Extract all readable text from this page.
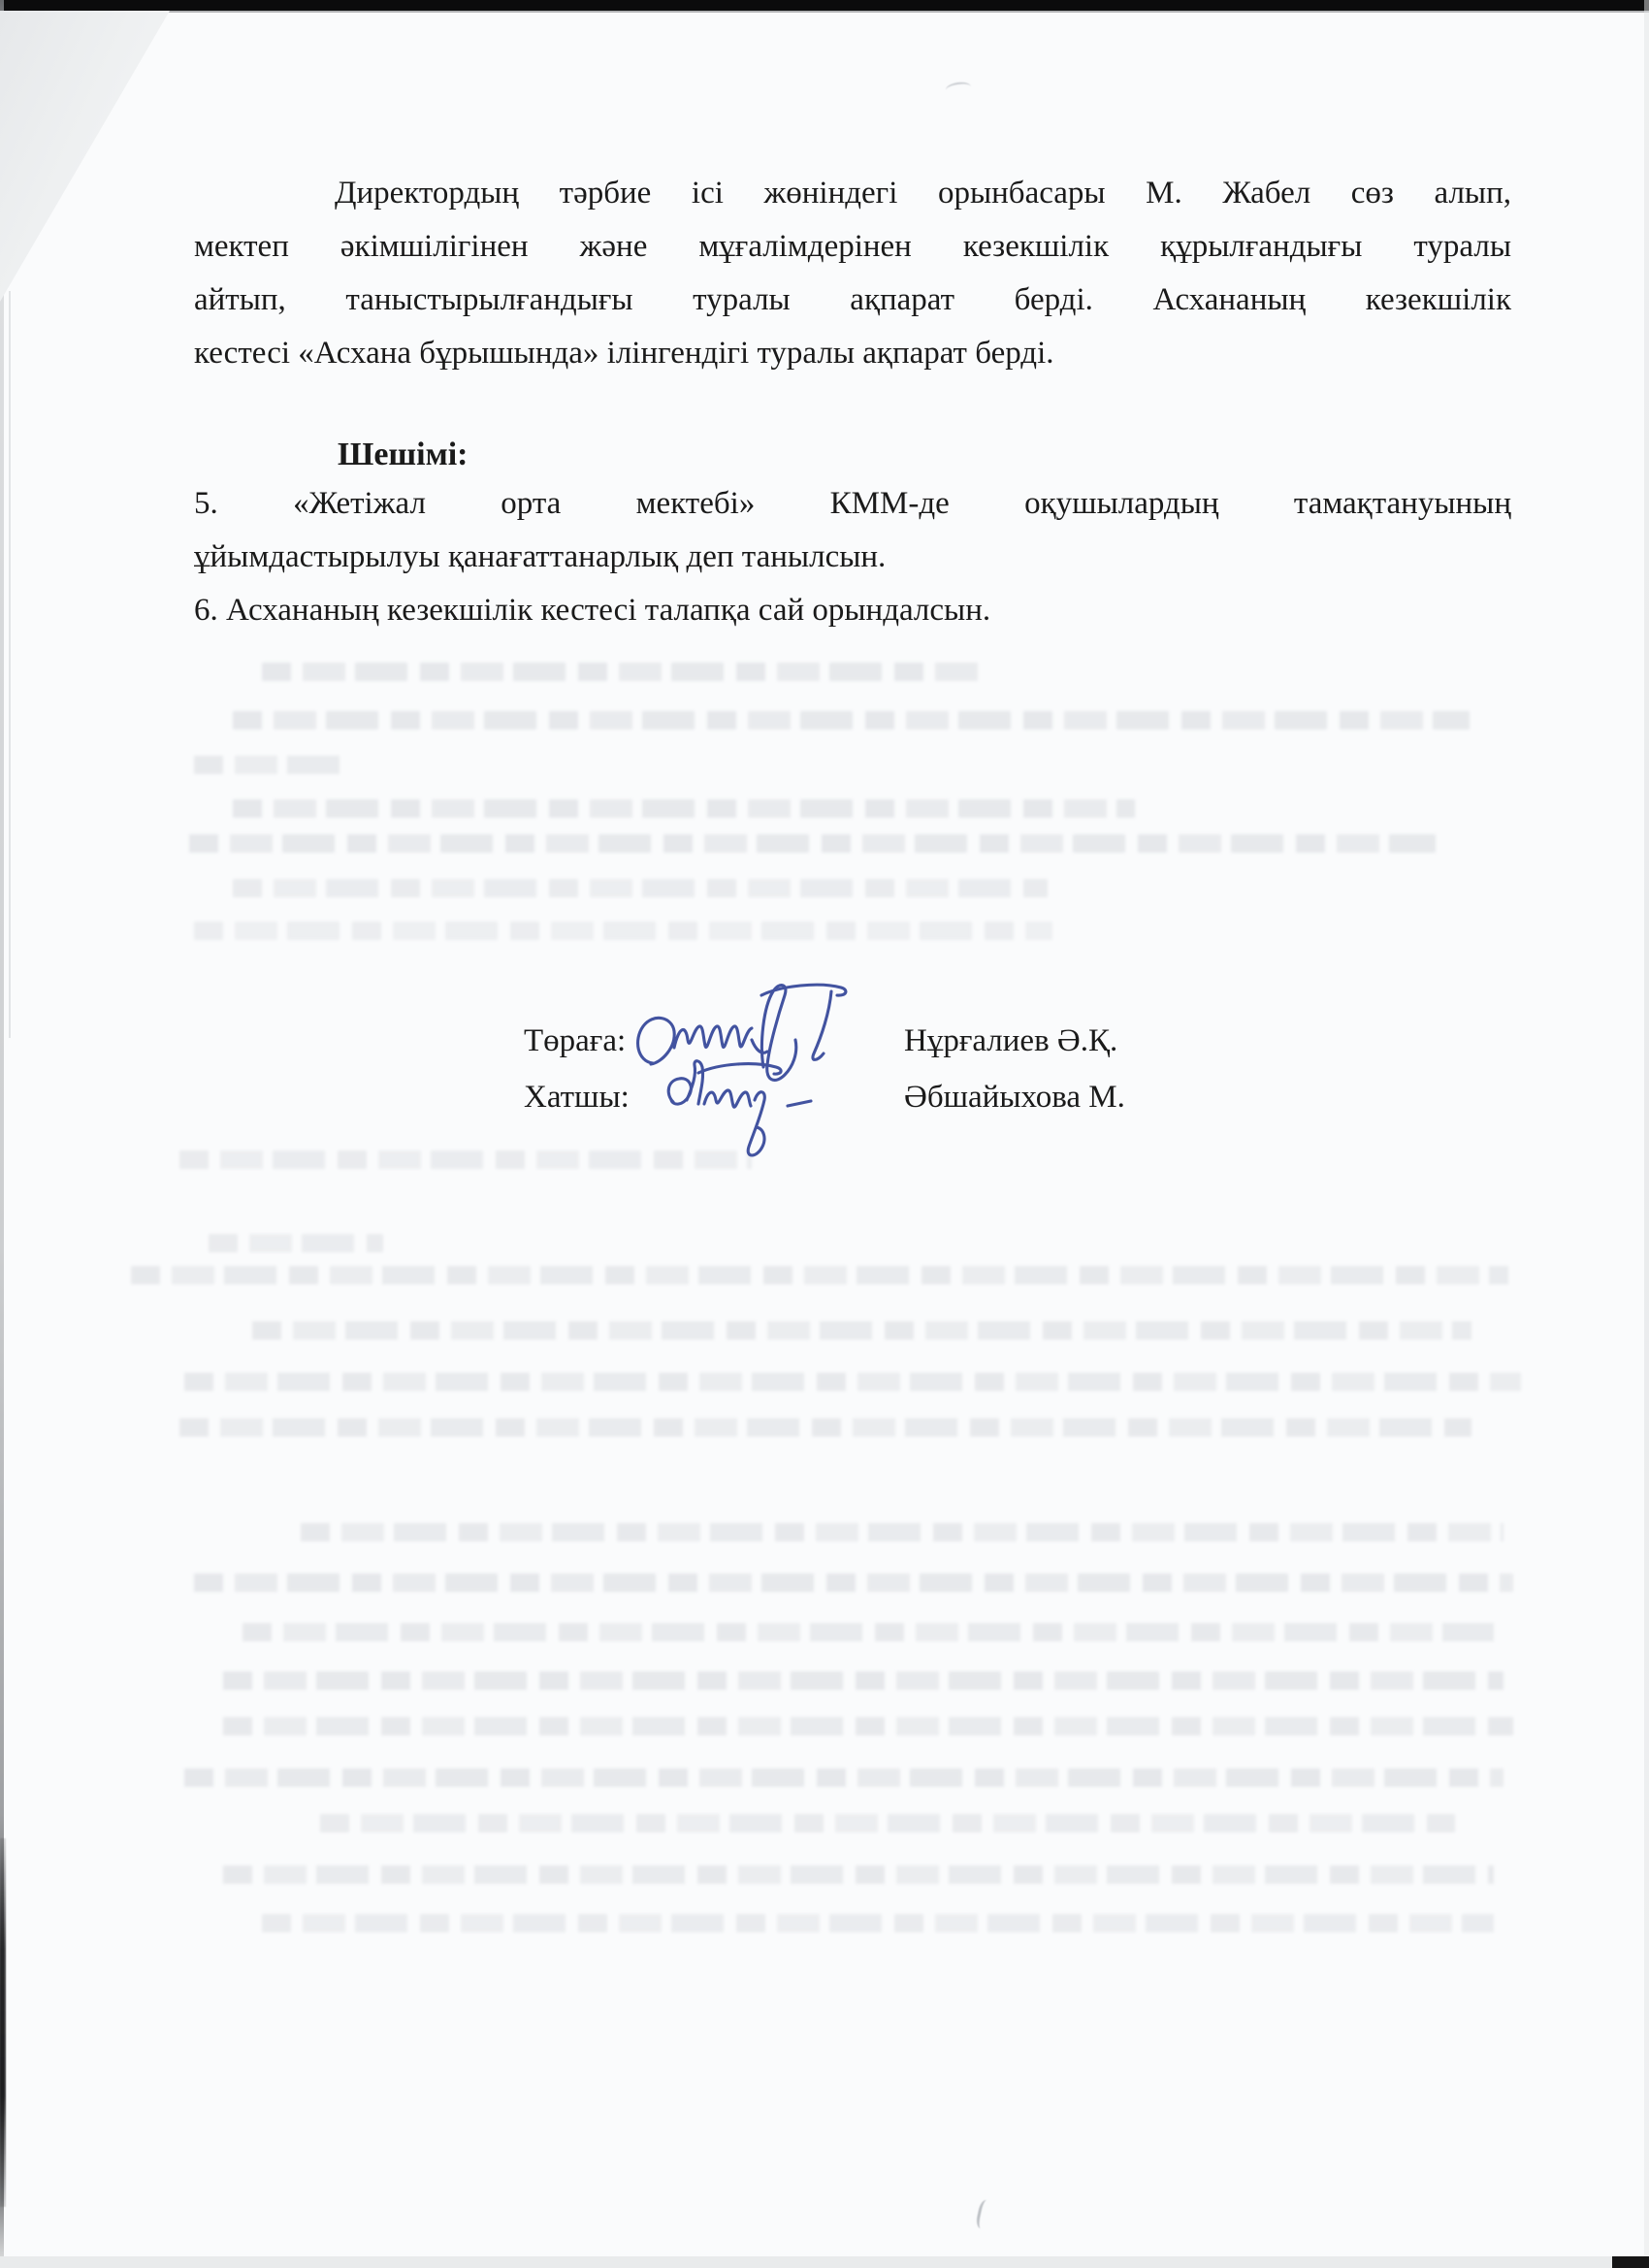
Директордың тәрбие ісі жөніндегі орынбасары М. Жабел сөз алып,
мектеп әкімшілігінен және мұғалімдерінен кезекшілік құрылғандығы туралы
айтып, таныстырылғандығы туралы ақпарат берді. Асхананың кезекшілік
кестесі «Асхана бұрышында» ілінгендігі туралы ақпарат берді.
Шешімі:
5. «Жетіжал орта мектебі» КММ-де оқушылардың тамақтануының
ұйымдастырылуы қанағаттанарлық деп танылсын.
6. Асхананың кезекшілік кестесі талапқа сай орындалсын.
Төраға:	Нұрғалиев Ә.Қ.
Хатшы:	Әбшайыхова М.
